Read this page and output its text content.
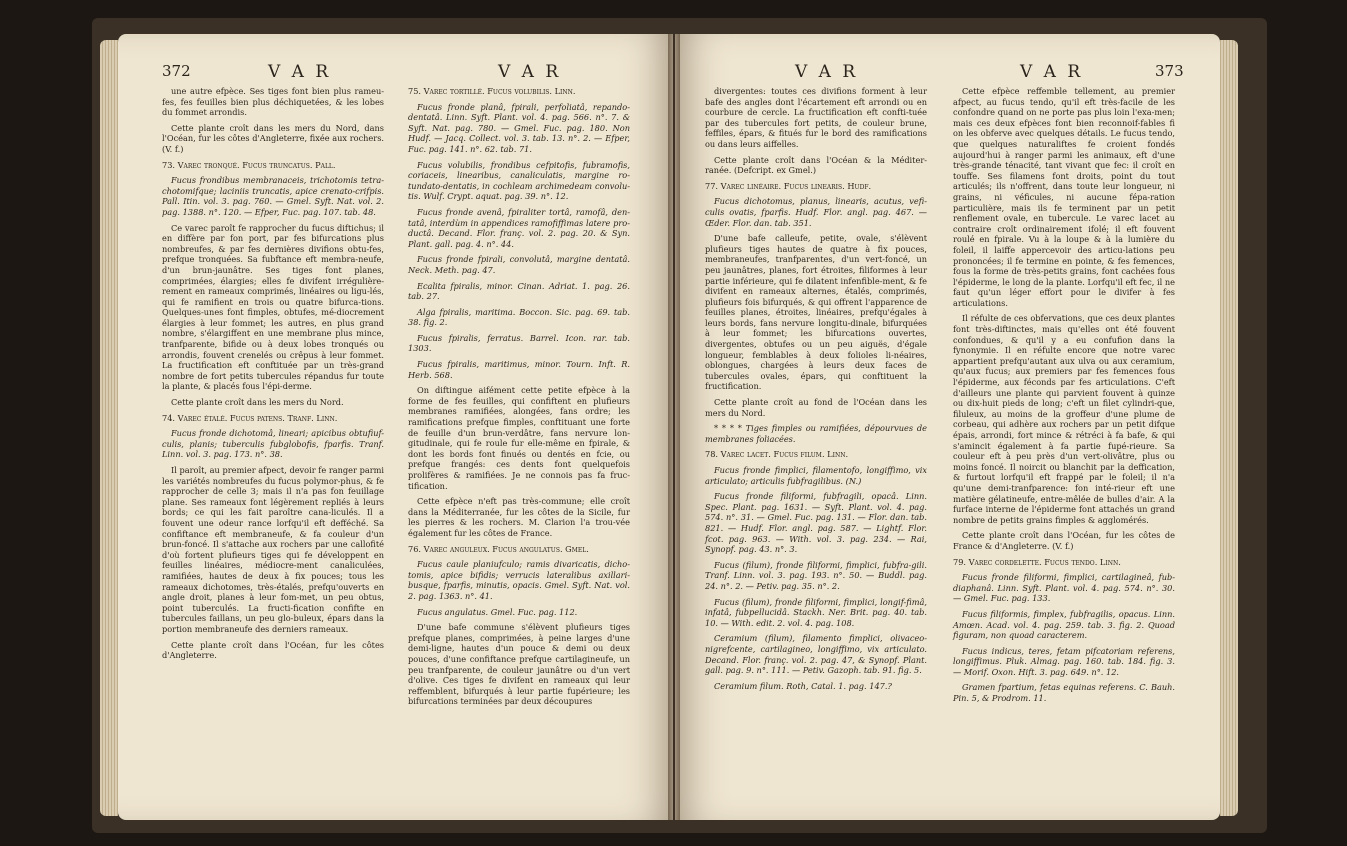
372	V A R	V A R

une autre efpèce. Ses tiges font bien plus rameu-fes, fes feuilles bien plus déchiquetées, & les lobes du fommet arrondis.

Cette plante croît dans les mers du Nord, dans l'Océan, fur les côtes d'Angleterre, fixée aux rochers. (V. f.)

73. Varec tronqué. Fucus truncatus. Pall.

Fucus frondibus membranaceis, trichotomis tetra-chotomifque; laciniis truncatis, apice crenato-crifpis. Pall. Itin. vol. 3. pag. 760. — Gmel. Syft. Nat. vol. 2. pag. 1388. n°. 120. — Efper, Fuc. pag. 107. tab. 48.

Ce varec paroît fe rapprocher du fucus diftichus; il en diffère par fon port, par fes bifurcations plus nombreufes, & par fes dernières divifions obtu-fes, prefque tronquées. Sa fubftance eft membra-neufe, d'un brun-jaunâtre. Ses tiges font planes, comprimées, élargies; elles fe divifent irrégulière-rement en rameaux comprimés, linéaires ou ligu-lés, qui fe ramifient en trois ou quatre bifurca-tions. Quelques-unes font fimples, obtufes, mé-diocrement élargies à leur fommet; les autres, en plus grand nombre, s'élargiffent en une membrane plus mince, tranfparente, bifide ou à deux lobes tronqués ou arrondis, fouvent crenelés ou crêpus à leur fommet. La fructification eft conftituée par un très-grand nombre de fort petits tubercules répandus fur toute la plante, & placés fous l'épi-derme.

Cette plante croît dans les mers du Nord.

74. Varec étalé. Fucus patens. Tranf. Linn.

Fucus fronde dichotomâ, lineari; apicibus obtufiuf-culis, planis; tuberculis fubglobofis, fparfis. Tranf. Linn. vol. 3. pag. 173. n°. 38.

Il paroît, au premier afpect, devoir fe ranger parmi les variétés nombreufes du fucus polymor-phus, & fe rapprocher de celle 3; mais il n'a pas fon feuillage plane. Ses rameaux font légèrement repliés à leurs bords; ce qui les fait paroître cana-liculés. Il a fouvent une odeur rance lorfqu'il eft defféché. Sa confiftance eft membraneufe, & fa couleur d'un brun-foncé. Il s'attache aux rochers par une callofité d'où fortent plufieurs tiges qui fe développent en feuilles linéaires, médiocre-ment canaliculées, ramifiées, hautes de deux à fix pouces; tous les rameaux dichotomes, très-étalés, prefqu'ouverts en angle droit, planes à leur fom-met, un peu obtus, point tuberculés. La fructi-fication confifte en tubercules faillans, un peu glo-buleux, épars dans la portion membraneufe des derniers rameaux.

Cette plante croît dans l'Océan, fur les côtes d'Angleterre.

75. Varec tortillé. Fucus volubilis. Linn.

Fucus fronde planâ, fpirali, perfoliatâ, repando-dentatâ. Linn. Syft. Plant. vol. 4. pag. 566. n°. 7. & Syft. Nat. pag. 780. — Gmel. Fuc. pag. 180. Non Hudf. — Jacq. Collect. vol. 3. tab. 13. n°. 2. — Efper, Fuc. pag. 141. n°. 62. tab. 71.

Fucus volubilis, frondibus cefpitofis, fubramofis, coriaceis, linearibus, canaliculatis, margine ro-tundato-dentatis, in cochleam archimedeam convolu-tis. Wulf. Crypt. aquat. pag. 39. n°. 12.

Fucus fronde avenâ, fpiraliter tortâ, ramofâ, den-tatâ, interdùm in appendices ramofiffimas latere pro-ductâ. Decand. Flor. franç. vol. 2. pag. 20. & Syn. Plant. gall. pag. 4. n°. 44.

Fucus fronde fpirali, convolutâ, margine dentatâ. Neck. Meth. pag. 47.

Ecalita fpiralis, minor. Cinan. Adriat. 1. pag. 26. tab. 27.

Alga fpiralis, maritima. Boccon. Sic. pag. 69. tab. 38. fig. 2.

Fucus fpiralis, ferratus. Barrel. Icon. rar. tab. 1303.

Fucus fpiralis, maritimus, minor. Tourn. Inft. R. Herb. 568.

On diftingue aifément cette petite efpèce à la forme de fes feuilles, qui confiftent en plufieurs membranes ramifiées, alongées, fans ordre; les ramifications prefque fimples, conftituant une forte de feuille d'un brun-verdâtre, fans nervure lon-gitudinale, qui fe roule fur elle-même en fpirale, & dont les bords font finués ou dentés en fcie, ou prefque frangés: ces dents font quelquefois prolifères & ramifiées. Je ne connois pas fa fruc-tification.

Cette efpèce n'eft pas très-commune; elle croît dans la Méditerranée, fur les côtes de la Sicile, fur les pierres & les rochers. M. Clarion l'a trou-vée également fur les côtes de France.

76. Varec anguleux. Fucus angulatus. Gmel.

Fucus caule planiufculo; ramis divaricatis, dicho-tomis, apice bifidis; verrucis lateralibus axillari-busque, fparfis, minutis, opacis. Gmel. Syft. Nat. vol. 2. pag. 1363. n°. 41.

Fucus angulatus. Gmel. Fuc. pag. 112.

D'une bafe commune s'élèvent plufieurs tiges prefque planes, comprimées, à peine larges d'une demi-ligne, hautes d'un pouce & demi ou deux pouces, d'une confiftance prefque cartilagineufe, un peu tranfparente, de couleur jaunâtre ou d'un vert d'olive. Ces tiges fe divifent en rameaux qui leur reffemblent, bifurqués à leur partie fupérieure; les bifurcations terminées par deux découpures

V A R	V A R	373

divergentes: toutes ces divifions forment à leur bafe des angles dont l'écartement eft arrondi ou en courbure de cercle. La fructification eft confti-tuée par des tubercules fort petits, de couleur brune, feffiles, épars, & fitués fur le bord des ramifications ou dans leurs aiffelles.

Cette plante croît dans l'Océan & la Méditer-ranée. (Defcript. ex Gmel.)

77. Varec linéaire. Fucus linearis. Hudf.

Fucus dichotomus, planus, linearis, acutus, vefi-culis ovatis, fparfis. Hudf. Flor. angl. pag. 467. — Œder. Flor. dan. tab. 351.

D'une bafe calleufe, petite, ovale, s'élèvent plufieurs tiges hautes de quatre à fix pouces, membraneufes, tranfparentes, d'un vert-foncé, un peu jaunâtres, planes, fort étroites, filiformes à leur partie inférieure, qui fe dilatent infenfible-ment, & fe divifent en rameaux alternes, étalés, comprimés, plufieurs fois bifurqués, & qui offrent l'apparence de feuilles planes, étroites, linéaires, prefqu'égales à leurs bords, fans nervure longitu-dinale, bifurquées à leur fommet; les bifurcations ouvertes, divergentes, obtufes ou un peu aiguës, d'égale longueur, femblables à deux folioles li-néaires, oblongues, chargées à leurs deux faces de tubercules ovales, épars, qui conftituent la fructification.

Cette plante croît au fond de l'Océan dans les mers du Nord.

* * * * Tiges fimples ou ramifiées, dépourvues de membranes foliacées.

78. Varec lacet. Fucus filum. Linn.

Fucus fronde fimplici, filamentofo, longiffimo, vix articulato; articulis fubfragilibus. (N.)

Fucus fronde filiformi, fubfragili, opacâ. Linn. Spec. Plant. pag. 1631. — Syft. Plant. vol. 4. pag. 574. n°. 31. — Gmel. Fuc. pag. 131. — Flor. dan. tab. 821. — Hudf. Flor. angl. pag. 587. — Lightf. Flor. fcot. pag. 963. — With. vol. 3. pag. 234. — Rai, Synopf. pag. 43. n°. 3.

Fucus (filum), fronde filiformi, fimplici, fubfra-gili. Tranf. Linn. vol. 3. pag. 193. n°. 50. — Buddl. pag. 24. n°. 2. — Petiv. pag. 35. n°. 2.

Fucus (filum), fronde filiformi, fimplici, longif-fimâ, infatâ, fubpellucidâ. Stackh. Ner. Brit. pag. 40. tab. 10. — With. edit. 2. vol. 4. pag. 108.

Ceramium (filum), filamento fimplici, olivaceo-nigrefcente, cartilagineo, longiffimo, vix articulato. Decand. Flor. franç. vol. 2. pag. 47, & Synopf. Plant. gall. pag. 9. n°. 111. — Petiv. Gazoph. tab. 91. fig. 5.

Ceramium filum. Roth, Catal. 1. pag. 147.?

Cette efpèce reffemble tellement, au premier afpect, au fucus tendo, qu'il eft très-facile de les confondre quand on ne porte pas plus loin l'exa-men; mais ces deux efpèces font bien reconnoif-fables fi on les obferve avec quelques détails. Le fucus tendo, que quelques naturaliftes fe croient fondés aujourd'hui à ranger parmi les animaux, eft d'une très-grande ténacité, tant vivant que fec: il croît en touffe. Ses filamens font droits, point du tout articulés; ils n'offrent, dans toute leur longueur, ni grains, ni véficules, ni aucune fépa-ration particulière, mais ils fe terminent par un petit renflement ovale, en tubercule. Le varec lacet au contraire croît ordinairement ifolé; il eft fouvent roulé en fpirale. Vu à la loupe & à la lumière du foleil, il laiffe appercevoir des articu-lations peu prononcées; il fe termine en pointe, & fes femences, fous la forme de très-petits grains, font cachées fous l'épiderme, le long de la plante. Lorfqu'il eft fec, il ne faut qu'un léger effort pour le divifer à fes articulations.

Il réfulte de ces obfervations, que ces deux plantes font très-diftinctes, mais qu'elles ont été fouvent confondues, & qu'il y a eu confufion dans la fynonymie. Il en réfulte encore que notre varec appartient prefqu'autant aux ulva ou aux ceramium, qu'aux fucus; aux premiers par fes femences fous l'épiderme, aux féconds par fes articulations. C'eft d'ailleurs une plante qui parvient fouvent à quinze ou dix-huit pieds de long; c'eft un filet cylindri-que, filuleux, au moins de la groffeur d'une plume de corbeau, qui adhère aux rochers par un petit difque épais, arrondi, fort mince & rétréci à fa bafe, & qui s'amincit également à fa partie fupé-rieure. Sa couleur eft à peu près d'un vert-olivâtre, plus ou moins foncé. Il noircit ou blanchit par la deffication, & furtout lorfqu'il eft frappé par le foleil; il n'a qu'une demi-tranfparence: fon inté-rieur eft une matière gélatineufe, entre-mêlée de bulles d'air. A la furface interne de l'épiderme font attachés un grand nombre de petits grains fimples & agglomérés.

Cette plante croît dans l'Océan, fur les côtes de France & d'Angleterre. (V. f.)

79. Varec cordelette. Fucus tendo. Linn.

Fucus fronde filiformi, fimplici, cartilagineâ, fub-diaphanâ. Linn. Syft. Plant. vol. 4. pag. 574. n°. 30. — Gmel. Fuc. pag. 133.

Fucus filiformis, fimplex, fubfragilis, opacus. Linn. Amœn. Acad. vol. 4. pag. 259. tab. 3. fig. 2. Quoad figuram, non quoad caracterem.

Fucus indicus, teres, fetam pifcatoriam referens, longiffimus. Pluk. Almag. pag. 160. tab. 184. fig. 3. — Morif. Oxon. Hift. 3. pag. 649. n°. 12.

Gramen fpartium, fetas equinas referens. C. Bauh. Pin. 5, & Prodrom. 11.
